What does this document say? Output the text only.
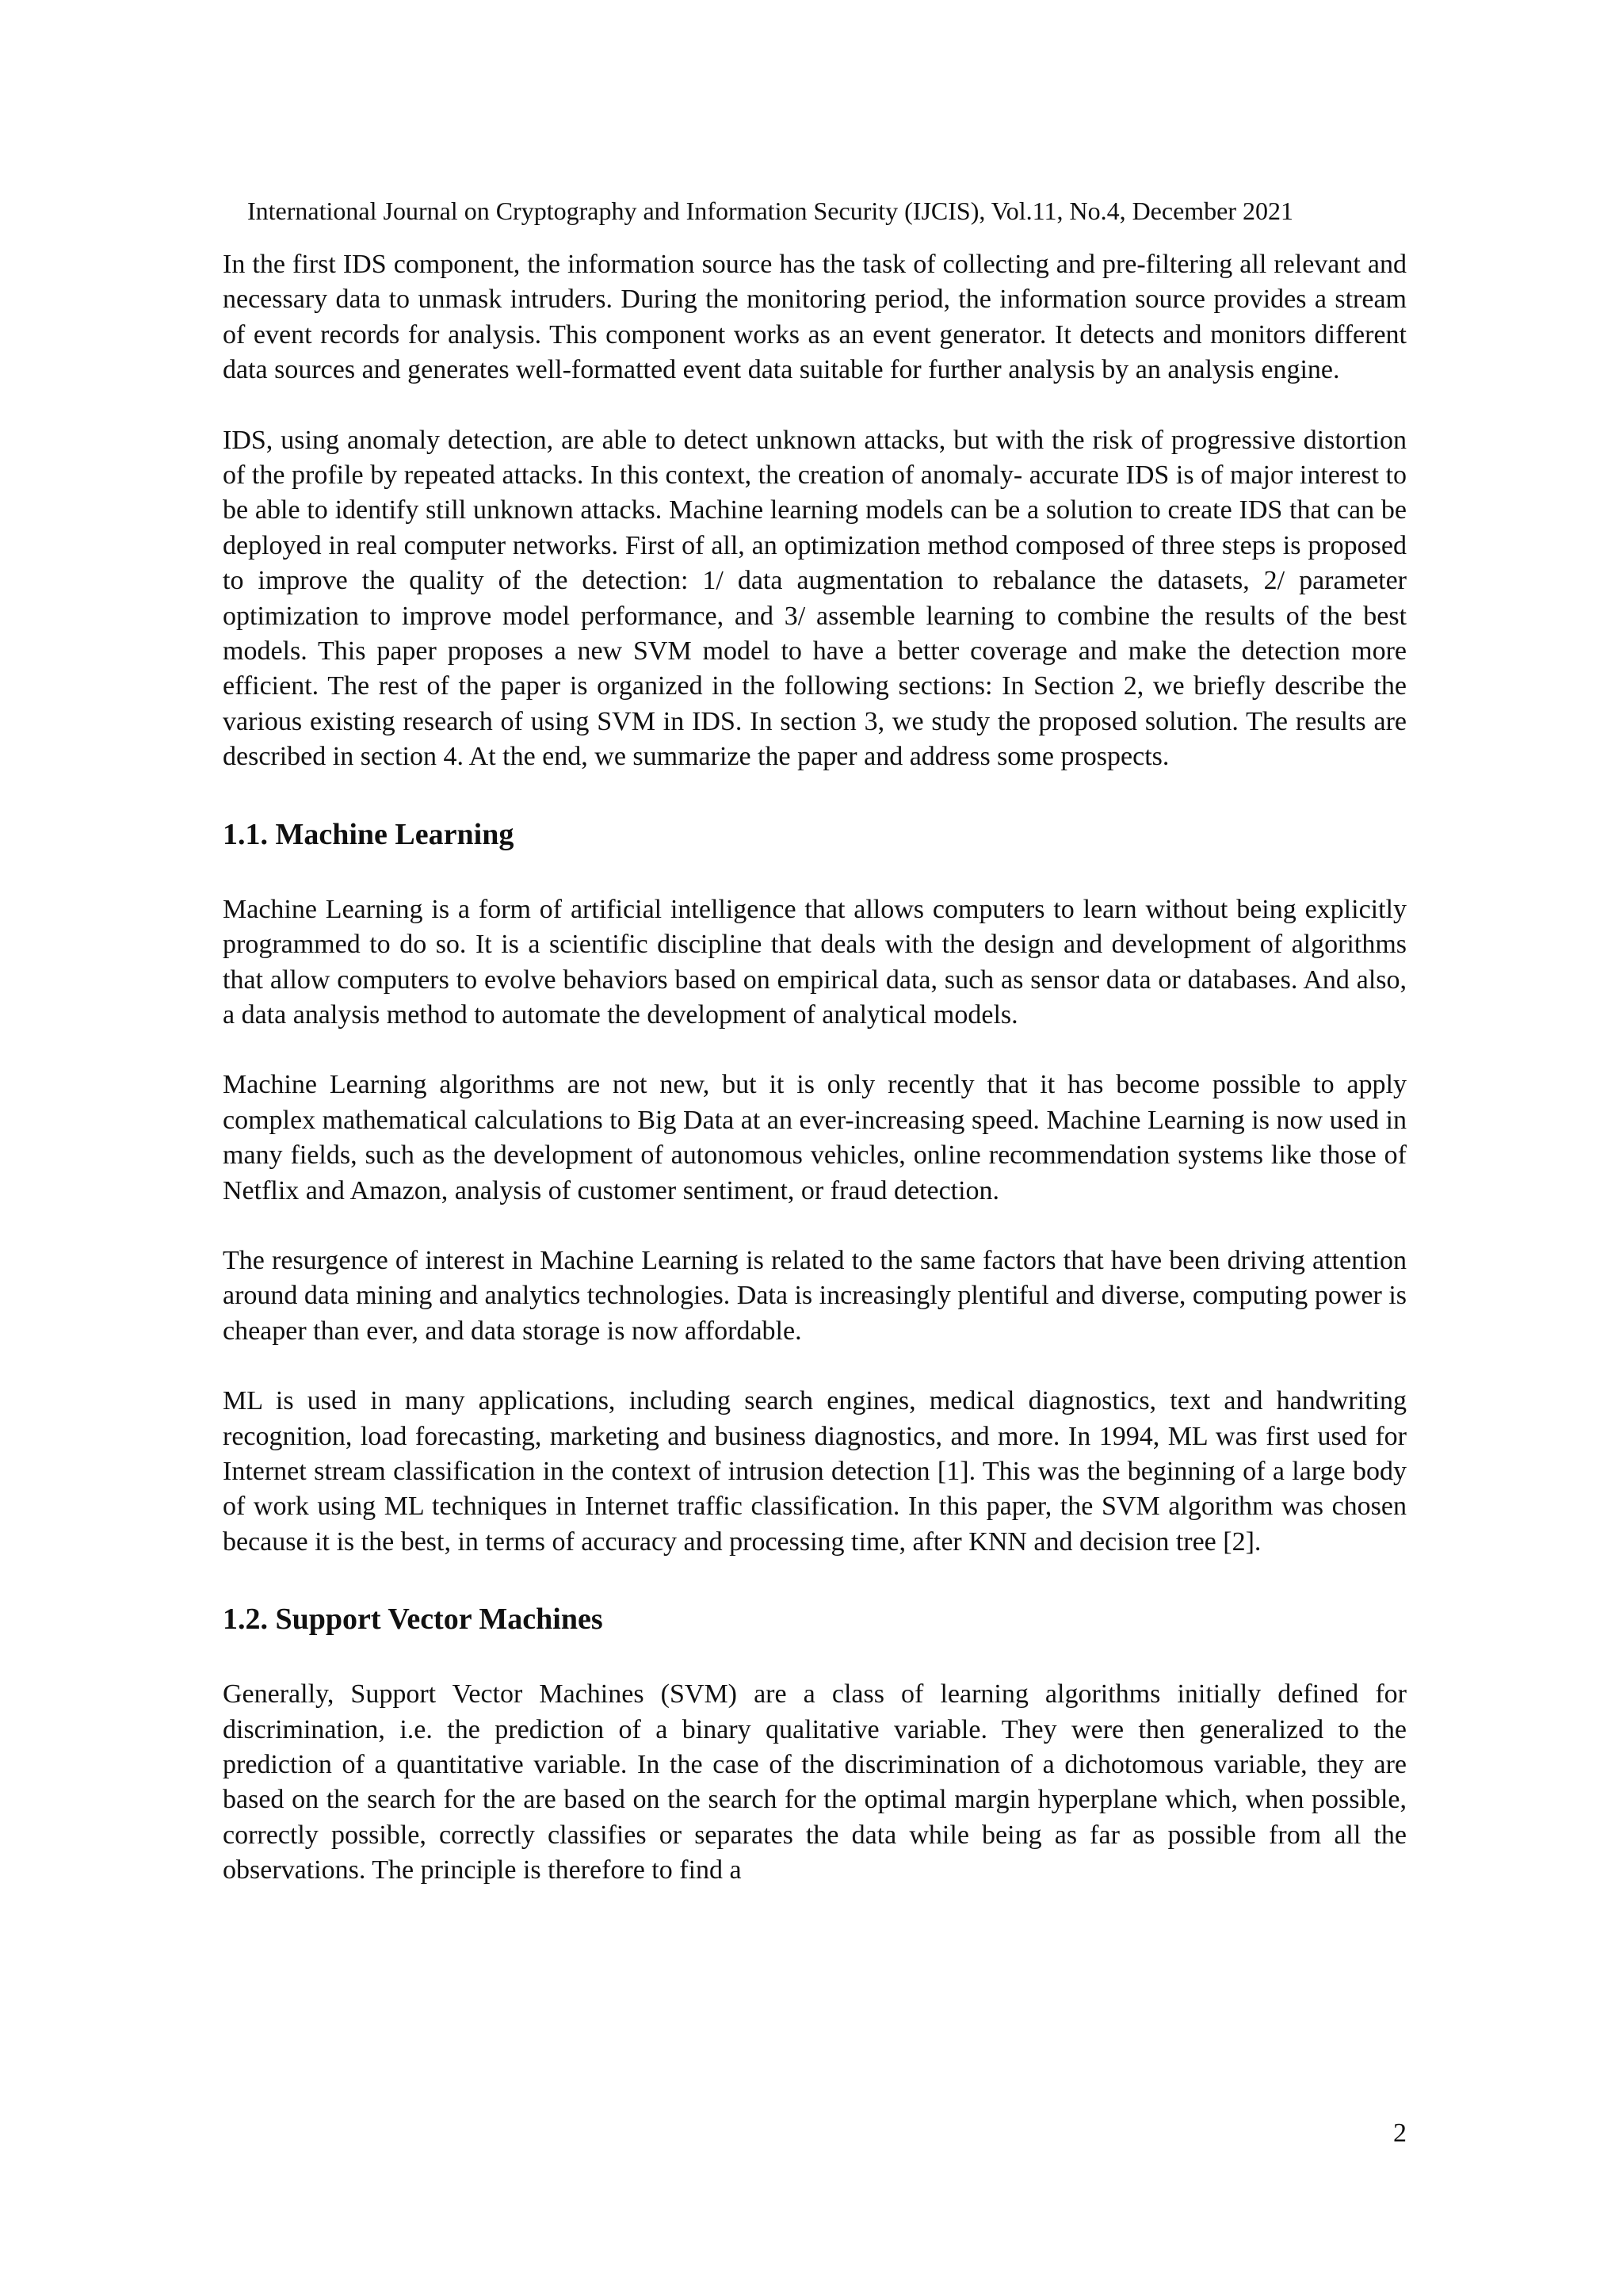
International Journal on Cryptography and Information Security (IJCIS), Vol.11, No.4, December 2021

In the first IDS component, the information source has the task of collecting and pre-filtering all relevant and necessary data to unmask intruders. During the monitoring period, the information source provides a stream of event records for analysis. This component works as an event generator. It detects and monitors different data sources and generates well-formatted event data suitable for further analysis by an analysis engine.

IDS, using anomaly detection, are able to detect unknown attacks, but with the risk of progressive distortion of the profile by repeated attacks. In this context, the creation of anomaly- accurate IDS is of major interest to be able to identify still unknown attacks. Machine learning models can be a solution to create IDS that can be deployed in real computer networks. First of all, an optimization method composed of three steps is proposed to improve the quality of the detection: 1/ data augmentation to rebalance the datasets, 2/ parameter optimization to improve model performance, and 3/ assemble learning to combine the results of the best models. This paper proposes a new SVM model to have a better coverage and make the detection more efficient. The rest of the paper is organized in the following sections: In Section 2, we briefly describe the various existing research of using SVM in IDS. In section 3, we study the proposed solution. The results are described in section 4. At the end, we summarize the paper and address some prospects.

1.1. Machine Learning

Machine Learning is a form of artificial intelligence that allows computers to learn without being explicitly programmed to do so. It is a scientific discipline that deals with the design and development of algorithms that allow computers to evolve behaviors based on empirical data, such as sensor data or databases. And also, a data analysis method to automate the development of analytical models.

Machine Learning algorithms are not new, but it is only recently that it has become possible to apply complex mathematical calculations to Big Data at an ever-increasing speed. Machine Learning is now used in many fields, such as the development of autonomous vehicles, online recommendation systems like those of Netflix and Amazon, analysis of customer sentiment, or fraud detection.

The resurgence of interest in Machine Learning is related to the same factors that have been driving attention around data mining and analytics technologies. Data is increasingly plentiful and diverse, computing power is cheaper than ever, and data storage is now affordable.

ML is used in many applications, including search engines, medical diagnostics, text and handwriting recognition, load forecasting, marketing and business diagnostics, and more. In 1994, ML was first used for Internet stream classification in the context of intrusion detection [1]. This was the beginning of a large body of work using ML techniques in Internet traffic classification. In this paper, the SVM algorithm was chosen because it is the best, in terms of accuracy and processing time, after KNN and decision tree [2].

1.2. Support Vector Machines

Generally, Support Vector Machines (SVM) are a class of learning algorithms initially defined for discrimination, i.e. the prediction of a binary qualitative variable. They were then generalized to the prediction of a quantitative variable. In the case of the discrimination of a dichotomous variable, they are based on the search for the are based on the search for the optimal margin hyperplane which, when possible, correctly possible, correctly classifies or separates the data while being as far as possible from all the observations. The principle is therefore to find a

2
